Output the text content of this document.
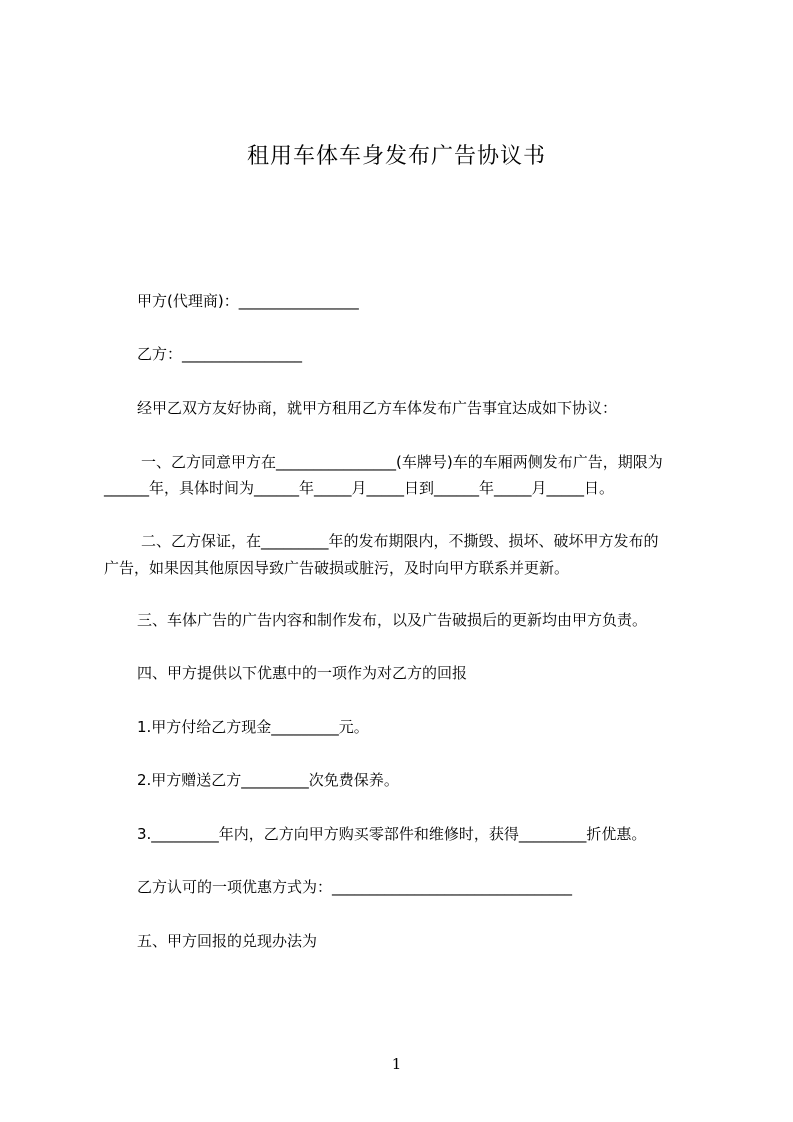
租用车体车身发布广告协议书
甲方(代理商)：________________
乙方：________________
经甲乙双方友好协商，就甲方租用乙方车体发布广告事宜达成如下协议：
一、乙方同意甲方在________________(车牌号)车的车厢两侧发布广告，期限为
______年，具体时间为______年_____月_____日到______年_____月_____日。
二、乙方保证，在_________年的发布期限内，不撕毁、损坏、破坏甲方发布的
广告，如果因其他原因导致广告破损或脏污，及时向甲方联系并更新。
三、车体广告的广告内容和制作发布，以及广告破损后的更新均由甲方负责。
四、甲方提供以下优惠中的一项作为对乙方的回报
1.甲方付给乙方现金_________元。
2.甲方赠送乙方_________次免费保养。
3._________年内，乙方向甲方购买零部件和维修时，获得_________折优惠。
乙方认可的一项优惠方式为：________________________________
五、甲方回报的兑现办法为
1
